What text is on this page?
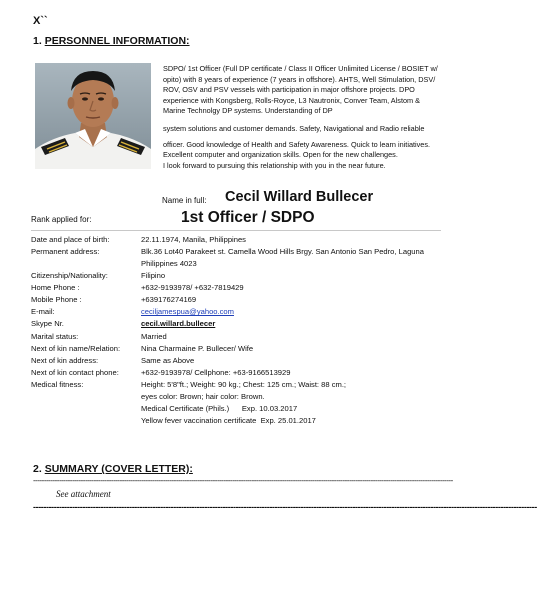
X``
1. PERSONNEL INFORMATION:

SDPO/ 1st Officer (Full DP certificate / Class II Officer Unlimited License / BOSIET w/ opito) with 8 years of experience (7 years in offshore). AHTS, Well Stimulation, DSV/ ROV, OSV and PSV vessels with participation in major offshore projects. DPO experience with Kongsberg, Rolls-Royce, L3 Nautronix, Conver Team, Alstom & Marine Technolgy DP systems. Understanding of DP

system solutions and customer demands. Safety, Navigational and Radio reliable

officer. Good knowledge of Health and Safety Awareness. Quick to learn initiatives. Excellent computer and organization skills. Open for the new challenges.

I look forward to pursuing this relationship with you in the near future.

Name in full: Cecil Willard Bullecer
Rank applied for:	1st Officer / SDPO
Date and place of birth:	22.11.1974, Manila, Philippines
Permanent address:	Blk.36 Lot40 Parakeet st. Camella Wood Hills Brgy. San Antonio San Pedro, Laguna Philippines 4023
Citizenship/Nationality:	Filipino
Home Phone :	+632-9193978/ +632-7819429
Mobile Phone :	+639176274169
E-mail:	ceciljamespua@yahoo.com
Skype Nr.	cecil.willard.bullecer
Marital status:	Married
Next of kin name/Relation:	Nina Charmaine P. Bullecer/ Wife
Next of kin address:	Same as Above
Next of kin contact phone:	+632-9193978/ Cellphone: +63-9166513929
Medical fitness:	Height: 5'8"ft.; Weight: 90 kg.; Chest: 125 cm.; Waist: 88 cm.;
eyes color: Brown; hair color: Brown.
Medical Certificate (Phils.)      Exp. 10.03.2017
Yellow fever vaccination certificate  Exp. 25.01.2017
2. SUMMARY (COVER LETTER):
--------------------------------------------------------------------------------------------------------------------------------------------------------------------------------------------------
See attachment
--------------------------------------------------------------------------------------------------------------------------------------------------------------------------------------------------
